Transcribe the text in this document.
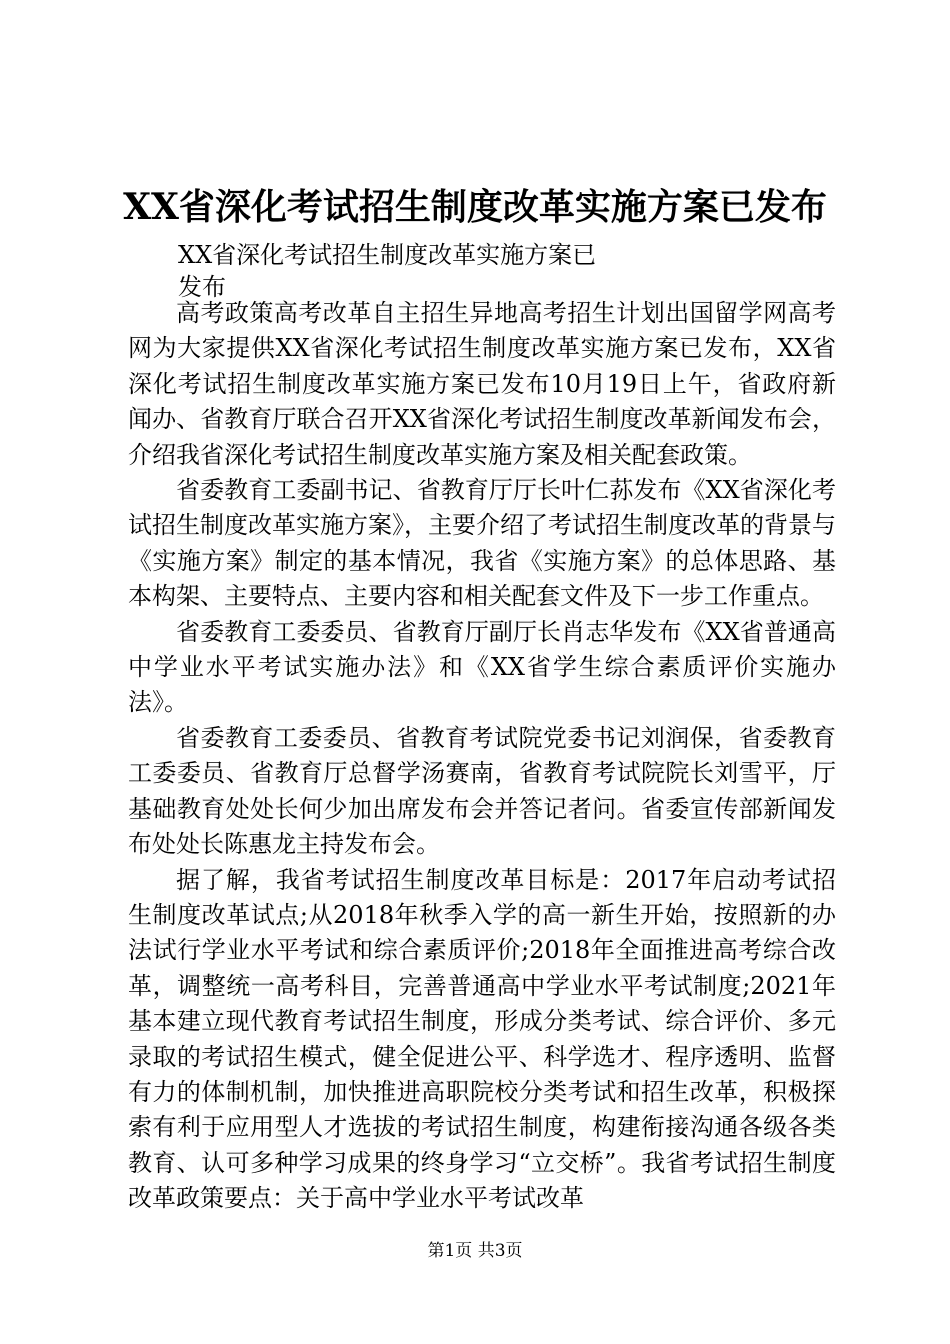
XX省深化考试招生制度改革实施方案已发布
XX省深化考试招生制度改革实施方案已
发布

高考政策高考改革自主招生异地高考招生计划出国留学网高考网为大家提供XX省深化考试招生制度改革实施方案已发布，XX省深化考试招生制度改革实施方案已发布10月19日上午，省政府新闻办、省教育厅联合召开XX省深化考试招生制度改革新闻发布会，介绍我省深化考试招生制度改革实施方案及相关配套政策。

省委教育工委副书记、省教育厅厅长叶仁荪发布《XX省深化考试招生制度改革实施方案》，主要介绍了考试招生制度改革的背景与《实施方案》制定的基本情况，我省《实施方案》的总体思路、基本构架、主要特点、主要内容和相关配套文件及下一步工作重点。

省委教育工委委员、省教育厅副厅长肖志华发布《XX省普通高中学业水平考试实施办法》和《XX省学生综合素质评价实施办法》。

省委教育工委委员、省教育考试院党委书记刘润保，省委教育工委委员、省教育厅总督学汤赛南，省教育考试院院长刘雪平，厅基础教育处处长何少加出席发布会并答记者问。省委宣传部新闻发布处处长陈惠龙主持发布会。

据了解，我省考试招生制度改革目标是：2017年启动考试招生制度改革试点;从2018年秋季入学的高一新生开始，按照新的办法试行学业水平考试和综合素质评价;2018年全面推进高考综合改革，调整统一高考科目，完善普通高中学业水平考试制度;2021年基本建立现代教育考试招生制度，形成分类考试、综合评价、多元录取的考试招生模式，健全促进公平、科学选才、程序透明、监督有力的体制机制，加快推进高职院校分类考试和招生改革，积极探索有利于应用型人才选拔的考试招生制度，构建衔接沟通各级各类教育、认可多种学习成果的终身学习“立交桥”。我省考试招生制度改革政策要点：关于高中学业水平考试改革

第1页 共3页
